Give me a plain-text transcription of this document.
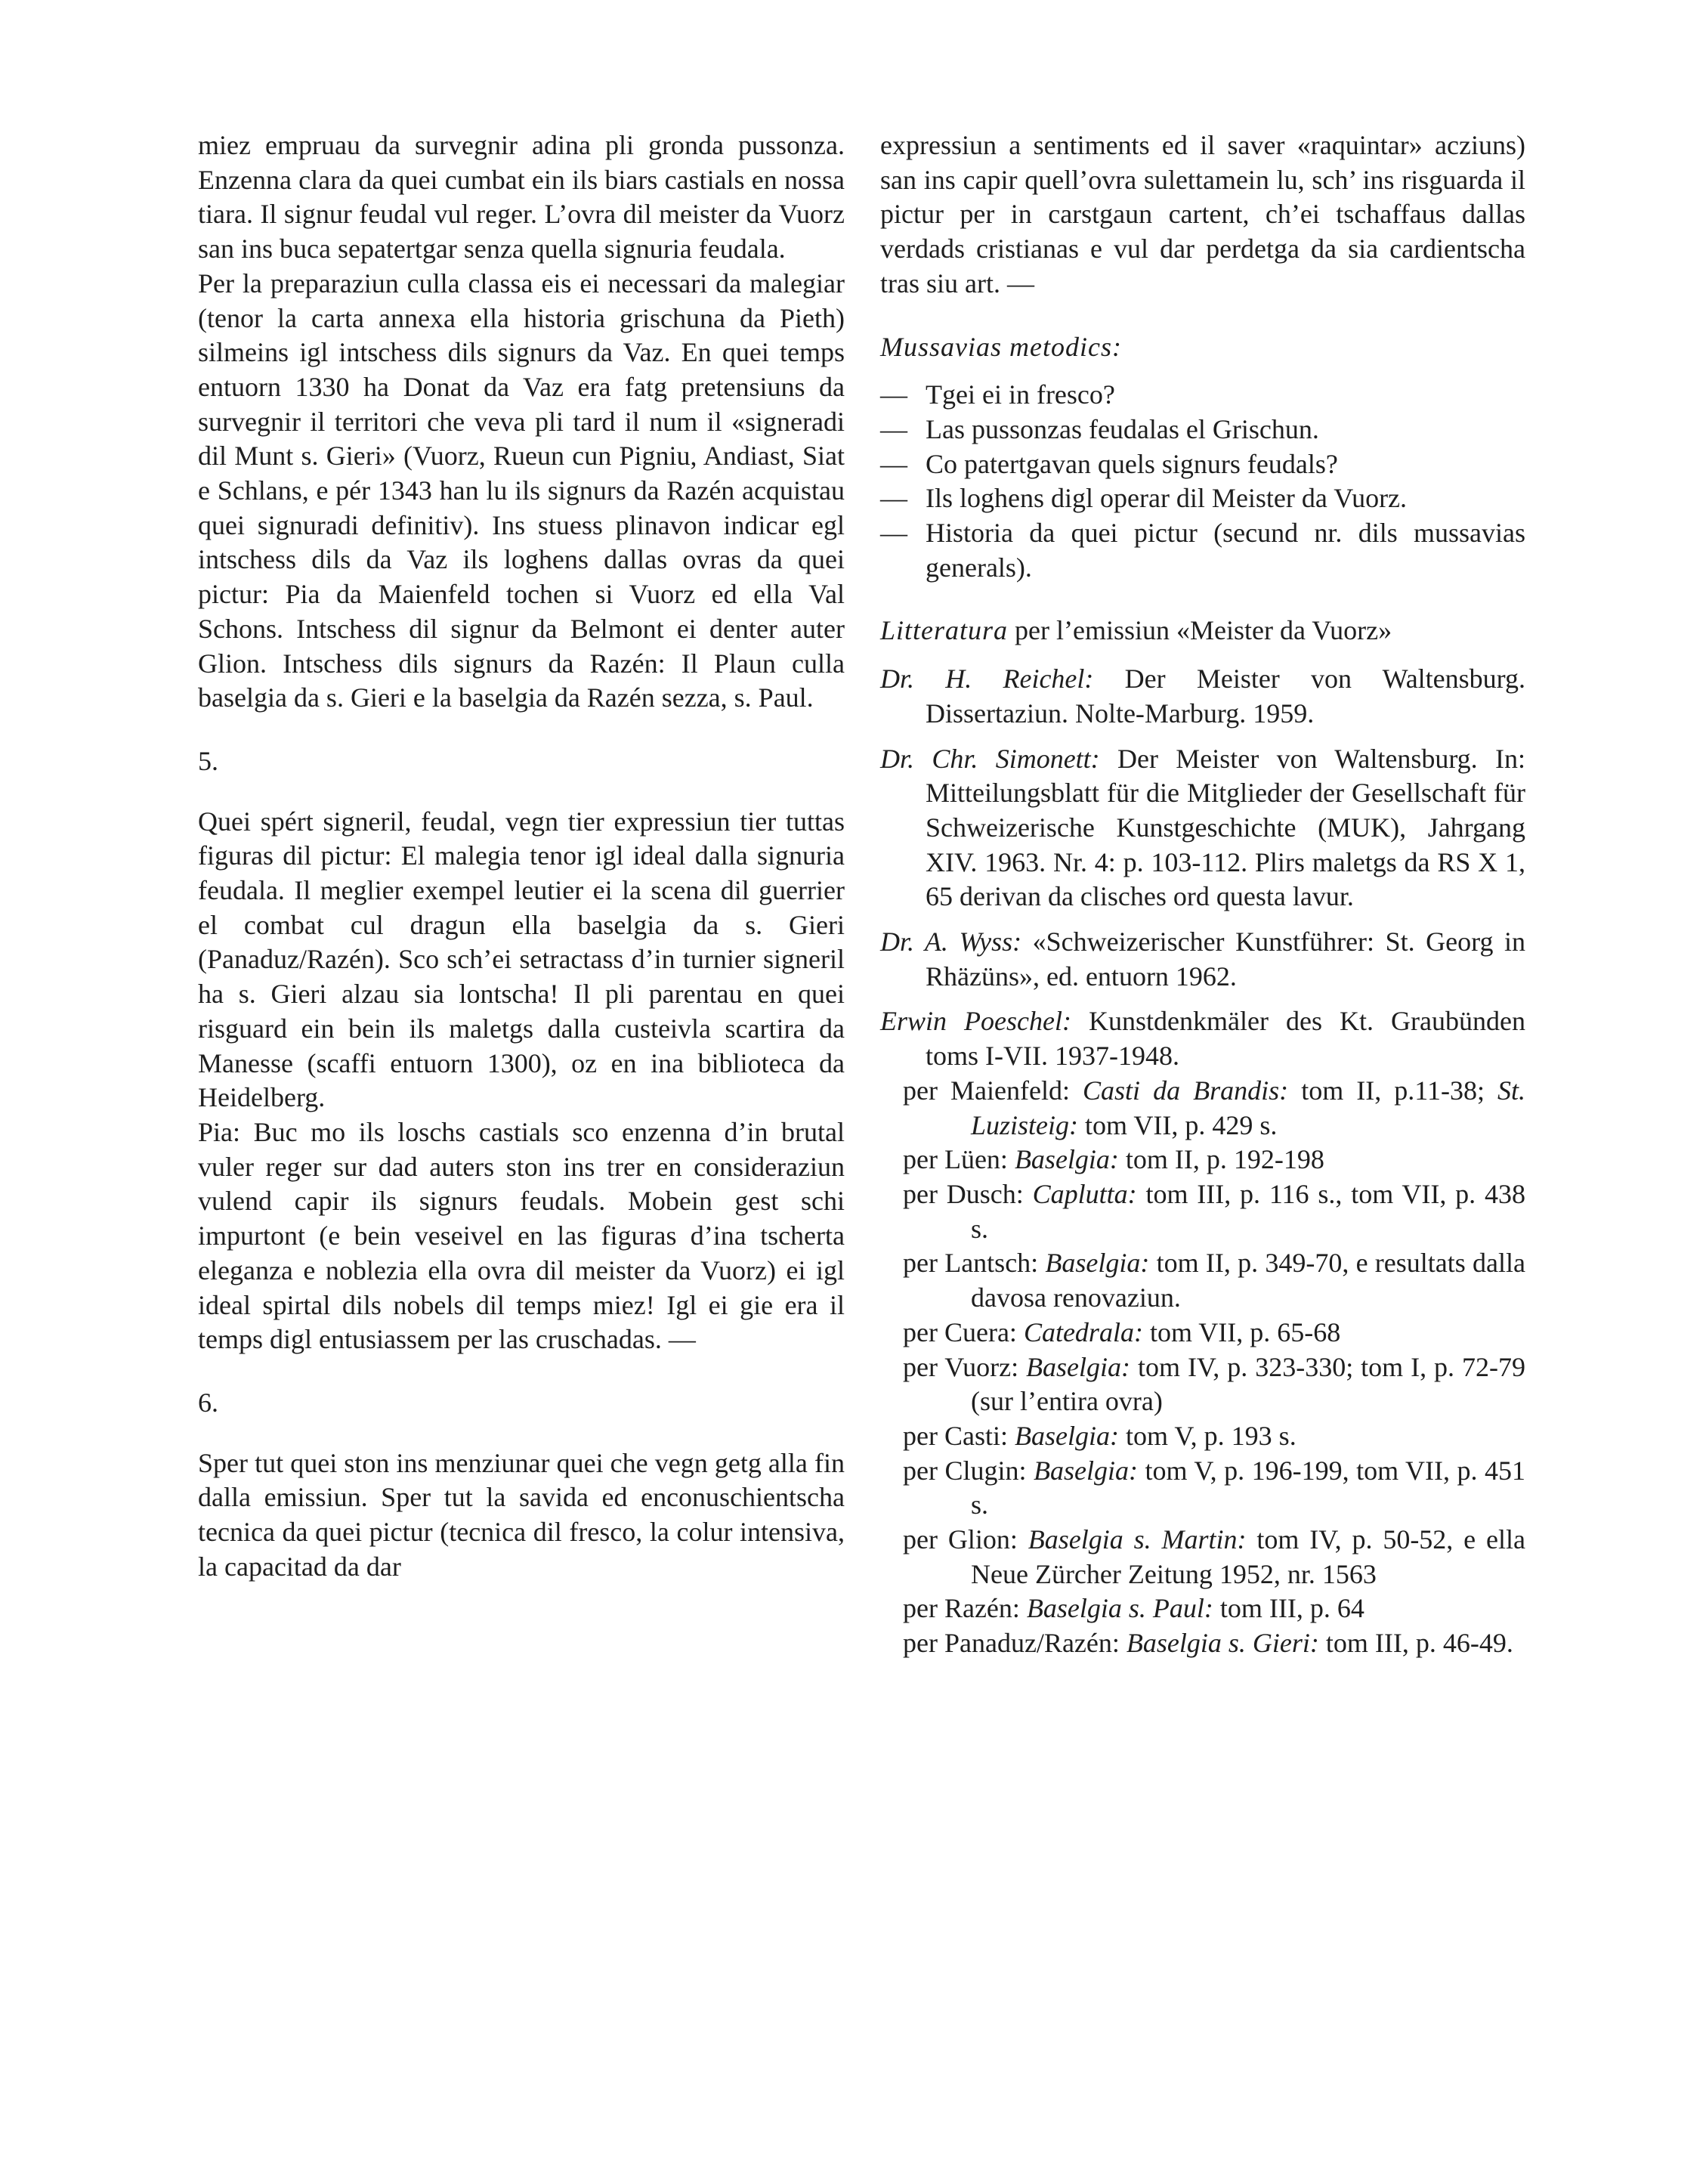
miez empruau da survegnir adina pli gronda pussonza. Enzenna clara da quei cumbat ein ils biars castials en nossa tiara. Il signur feudal vul reger. L’ovra dil meister da Vuorz san ins buca sepatertgar senza quella signuria feudala.

Per la preparaziun culla classa eis ei necessari da malegiar (tenor la carta annexa ella historia grischuna da Pieth) silmeins igl intschess dils signurs da Vaz. En quei temps entuorn 1330 ha Donat da Vaz era fatg pretensiuns da survegnir il territori che veva pli tard il num il «signeradi dil Munt s. Gieri» (Vuorz, Rueun cun Pigniu, Andiast, Siat e Schlans, e pér 1343 han lu ils signurs da Razén acquistau quei signuradi definitiv). Ins stuess plinavon indicar egl intschess dils da Vaz ils loghens dallas ovras da quei pictur: Pia da Maienfeld tochen si Vuorz ed ella Val Schons. Intschess dil signur da Belmont ei denter auter Glion. Intschess dils signurs da Razén: Il Plaun culla baselgia da s. Gieri e la baselgia da Razén sezza, s. Paul.

5.

Quei spért signeril, feudal, vegn tier expressiun tier tuttas figuras dil pictur: El malegia tenor igl ideal dalla signuria feudala. Il meglier exempel leutier ei la scena dil guerrier el combat cul dragun ella baselgia da s. Gieri (Panaduz/Razén). Sco sch’ei setractass d’in turnier signeril ha s. Gieri alzau sia lontscha! Il pli parentau en quei risguard ein bein ils maletgs dalla custeivla scartira da Manesse (scaffi entuorn 1300), oz en ina biblioteca da Heidelberg.

Pia: Buc mo ils loschs castials sco enzenna d’in brutal vuler reger sur dad auters ston ins trer en consideraziun vulend capir ils signurs feudals. Mobein gest schi impurtont (e bein veseivel en las figuras d’ina tscherta eleganza e noblezia ella ovra dil meister da Vuorz) ei igl ideal spirtal dils nobels dil temps miez! Igl ei gie era il temps digl entusiassem per las cruschadas. —

6.

Sper tut quei ston ins menziunar quei che vegn getg alla fin dalla emissiun. Sper tut la savida ed enconuschientscha tecnica da quei pictur (tecnica dil fresco, la colur intensiva, la capacitad da dar

expressiun a sentiments ed il saver «raquintar» acziuns) san ins capir quell’ovra sulettamein lu, sch’ ins risguarda il pictur per in carstgaun cartent, ch’ei tschaffaus dallas verdads cristianas e vul dar perdetga da sia cardientscha tras siu art. —

Mussavias metodics:

— Tgei ei in fresco?
— Las pussonzas feudalas el Grischun.
— Co patertgavan quels signurs feudals?
— Ils loghens digl operar dil Meister da Vuorz.
— Historia da quei pictur (secund nr. dils mussavias generals).

Litteratura per l’emissiun «Meister da Vuorz»

Dr. H. Reichel: Der Meister von Waltensburg. Dissertaziun. Nolte-Marburg. 1959.

Dr. Chr. Simonett: Der Meister von Waltensburg. In: Mitteilungsblatt für die Mitglieder der Gesellschaft für Schweizerische Kunstgeschichte (MUK), Jahrgang XIV. 1963. Nr. 4: p. 103-112. Plirs maletgs da RS X 1, 65 derivan da clisches ord questa lavur.

Dr. A. Wyss: «Schweizerischer Kunstführer: St. Georg in Rhäzüns», ed. entuorn 1962.

Erwin Poeschel: Kunstdenkmäler des Kt. Graubünden toms I-VII. 1937-1948.

per Maienfeld: Casti da Brandis: tom II, p.11-38; St. Luzisteig: tom VII, p. 429 s.
per Lüen: Baselgia: tom II, p. 192-198
per Dusch: Caplutta: tom III, p. 116 s., tom VII, p. 438 s.
per Lantsch: Baselgia: tom II, p. 349-70, e resultats dalla davosa renovaziun.
per Cuera: Catedrala: tom VII, p. 65-68
per Vuorz: Baselgia: tom IV, p. 323-330; tom I, p. 72-79 (sur l’entira ovra)
per Casti: Baselgia: tom V, p. 193 s.
per Clugin: Baselgia: tom V, p. 196-199, tom VII, p. 451 s.
per Glion: Baselgia s. Martin: tom IV, p. 50-52, e ella Neue Zürcher Zeitung 1952, nr. 1563
per Razén: Baselgia s. Paul: tom III, p. 64
per Panaduz/Razén: Baselgia s. Gieri: tom III, p. 46-49.
